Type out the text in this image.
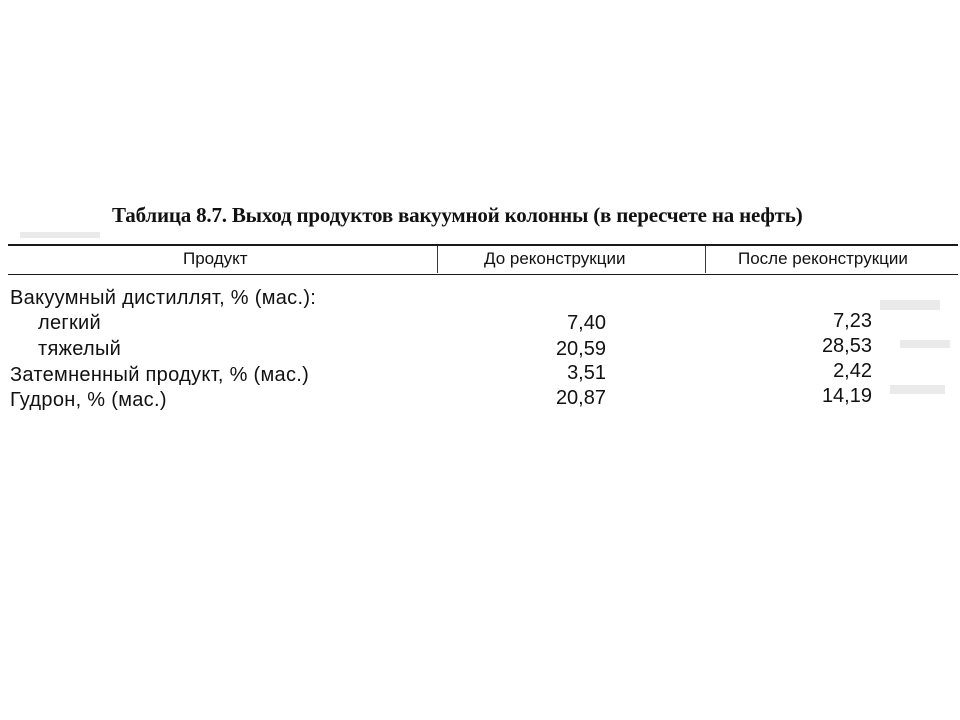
Таблица 8.7. Выход продуктов вакуумной колонны (в пересчете на нефть)
Продукт	До реконструкции	После реконструкции
Вакуумный дистиллят, % (мас.):
легкий	7,40	7,23
тяжелый	20,59	28,53
Затемненный продукт, % (мас.)	3,51	2,42
Гудрон, % (мас.)	20,87	14,19
